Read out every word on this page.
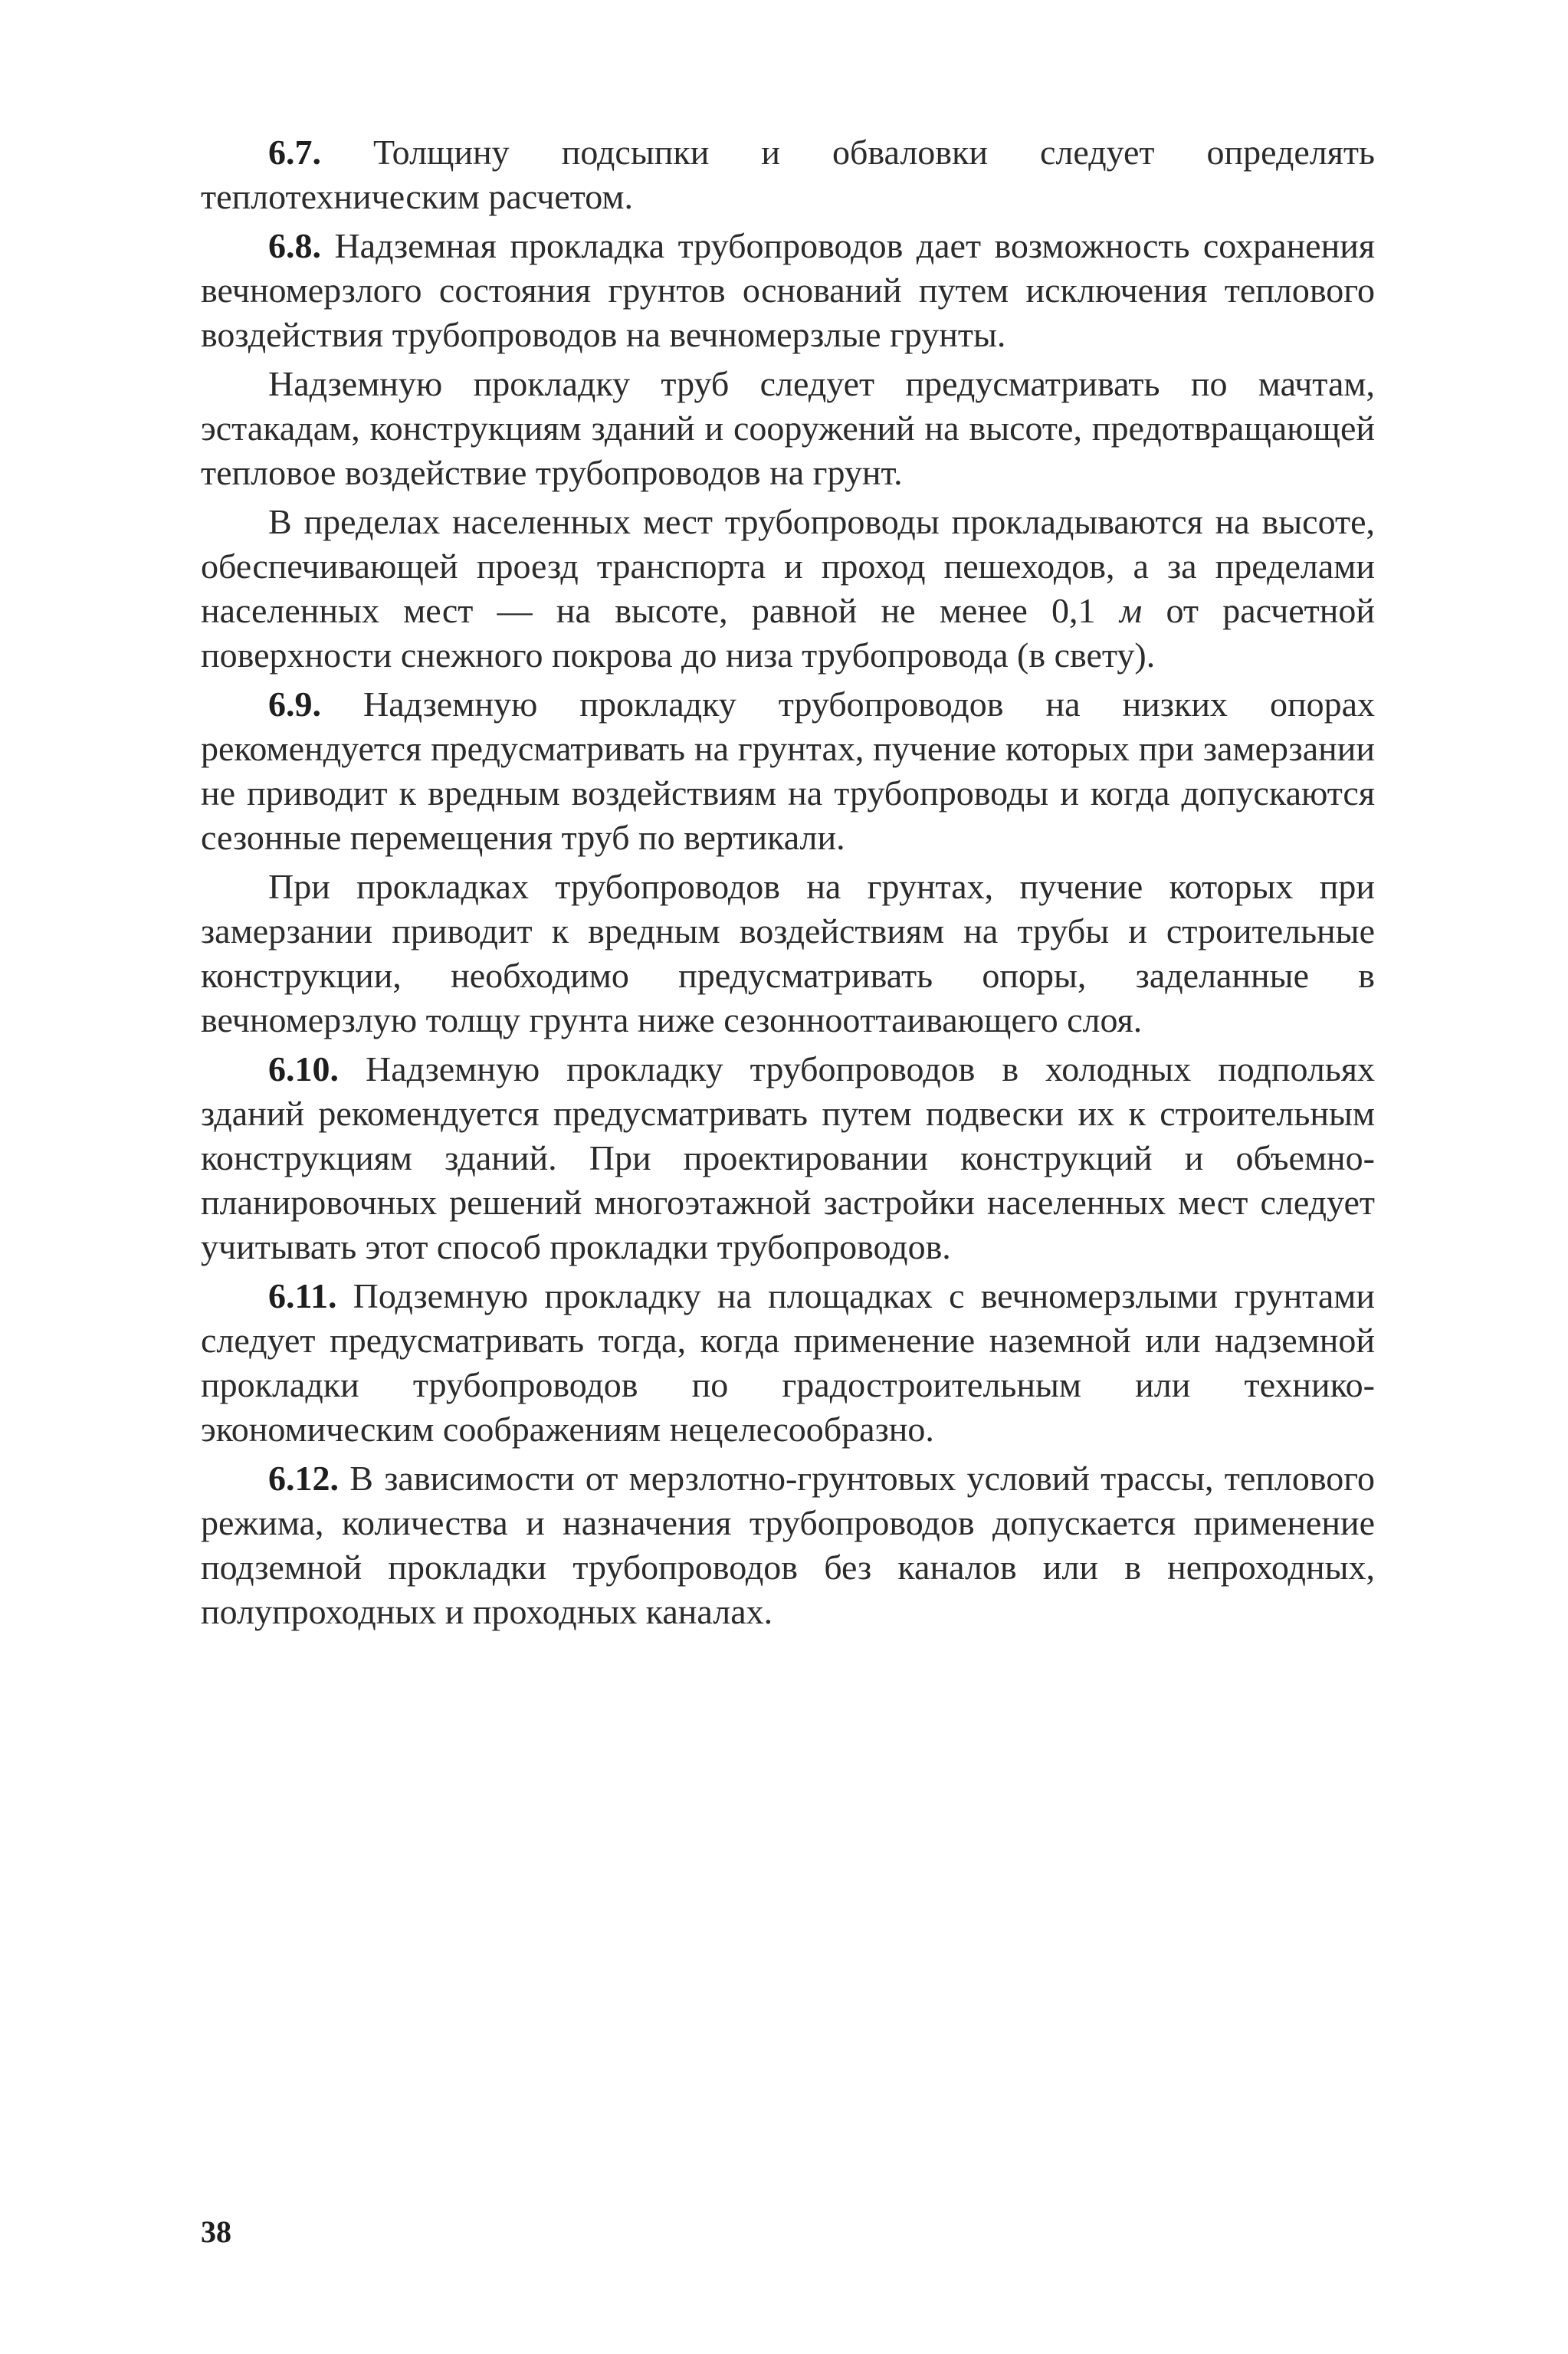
6.7. Толщину подсыпки и обваловки следует определять теплотехническим расчетом.

6.8. Надземная прокладка трубопроводов дает возможность сохранения вечномерзлого состояния грунтов оснований путем исключения теплового воздействия трубопроводов на вечномерзлые грунты.

Надземную прокладку труб следует предусматривать по мачтам, эстакадам, конструкциям зданий и сооружений на высоте, предотвращающей тепловое воздействие трубопроводов на грунт.

В пределах населенных мест трубопроводы прокладываются на высоте, обеспечивающей проезд транспорта и проход пешеходов, а за пределами населенных мест — на высоте, равной не менее 0,1 м от расчетной поверхности снежного покрова до низа трубопровода (в свету).

6.9. Надземную прокладку трубопроводов на низких опорах рекомендуется предусматривать на грунтах, пучение которых при замерзании не приводит к вредным воздействиям на трубопроводы и когда допускаются сезонные перемещения труб по вертикали.

При прокладках трубопроводов на грунтах, пучение которых при замерзании приводит к вредным воздействиям на трубы и строительные конструкции, необходимо предусматривать опоры, заделанные в вечномерзлую толщу грунта ниже сезонноoттаивающего слоя.

6.10. Надземную прокладку трубопроводов в холодных подпольях зданий рекомендуется предусматривать путем подвески их к строительным конструкциям зданий. При проектировании конструкций и объемно-планировочных решений многоэтажной застройки населенных мест следует учитывать этот способ прокладки трубопроводов.

6.11. Подземную прокладку на площадках с вечномерзлыми грунтами следует предусматривать тогда, когда применение наземной или надземной прокладки трубопроводов по градостроительным или технико-экономическим соображениям нецелесообразно.

6.12. В зависимости от мерзлотно-грунтовых условий трассы, теплового режима, количества и назначения трубопроводов допускается применение подземной прокладки трубопроводов без каналов или в непроходных, полупроходных и проходных каналах.

38
